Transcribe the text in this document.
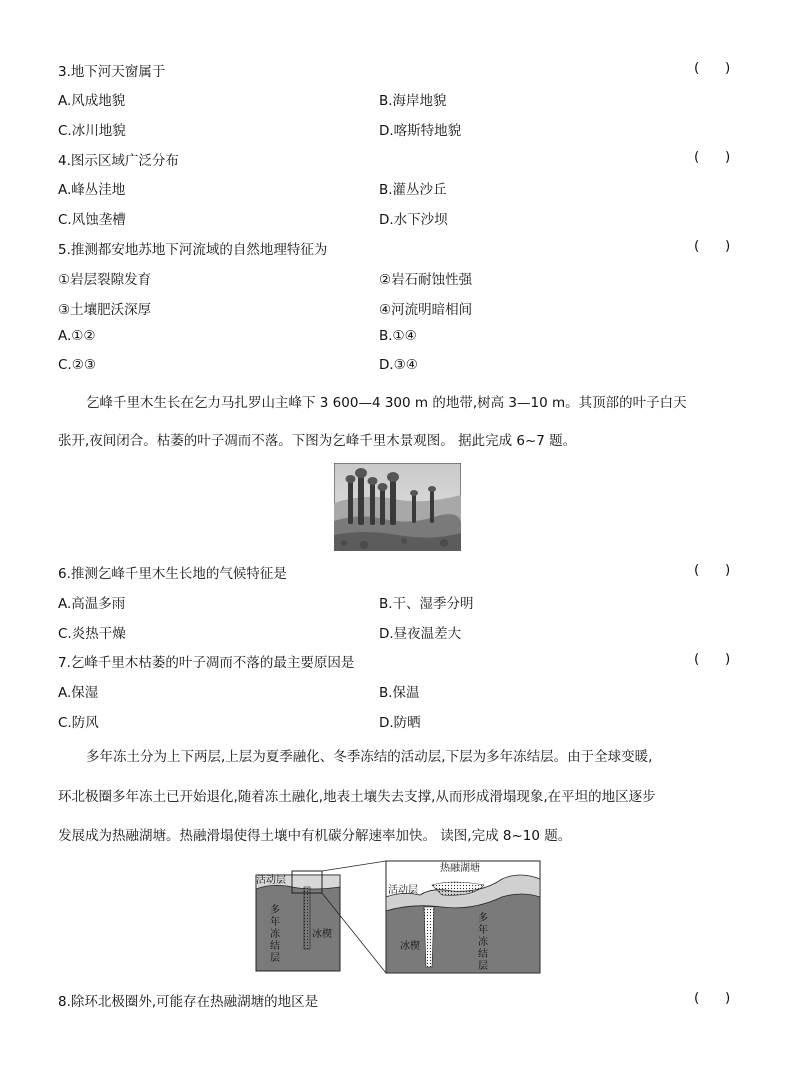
3.地下河天窗属于	(      )
A.风成地貌	B.海岸地貌
C.冰川地貌	D.喀斯特地貌
4.图示区域广泛分布	(      )
A.峰丛洼地	B.灌丛沙丘
C.风蚀垄槽	D.水下沙坝
5.推测都安地苏地下河流域的自然地理特征为	(      )
①岩层裂隙发育	②岩石耐蚀性强
③土壤肥沃深厚	④河流明暗相间
A.①②	B.①④
C.②③	D.③④
乞峰千里木生长在乞力马扎罗山主峰下 3 600—4 300 m 的地带,树高 3—10 m。其顶部的叶子白天
张开,夜间闭合。枯萎的叶子凋而不落。下图为乞峰千里木景观图。 据此完成 6~7 题。
6.推测乞峰千里木生长地的气候特征是	(      )
A.高温多雨	B.干、湿季分明
C.炎热干燥	D.昼夜温差大
7.乞峰千里木枯萎的叶子凋而不落的最主要原因是	(      )
A.保湿	B.保温
C.防风	D.防晒
多年冻土分为上下两层,上层为夏季融化、冬季冻结的活动层,下层为多年冻结层。由于全球变暖,
环北极圈多年冻土已开始退化,随着冻土融化,地表土壤失去支撑,从而形成滑塌现象,在平坦的地区逐步
发展成为热融湖塘。热融滑塌使得土壤中有机碳分解速率加快。 读图,完成 8~10 题。
活动层
冰楔
多
年
冻
结
层
热融湖塘
活动层
冰楔
多
年
冻
结
层
8.除环北极圈外,可能存在热融湖塘的地区是	(      )
